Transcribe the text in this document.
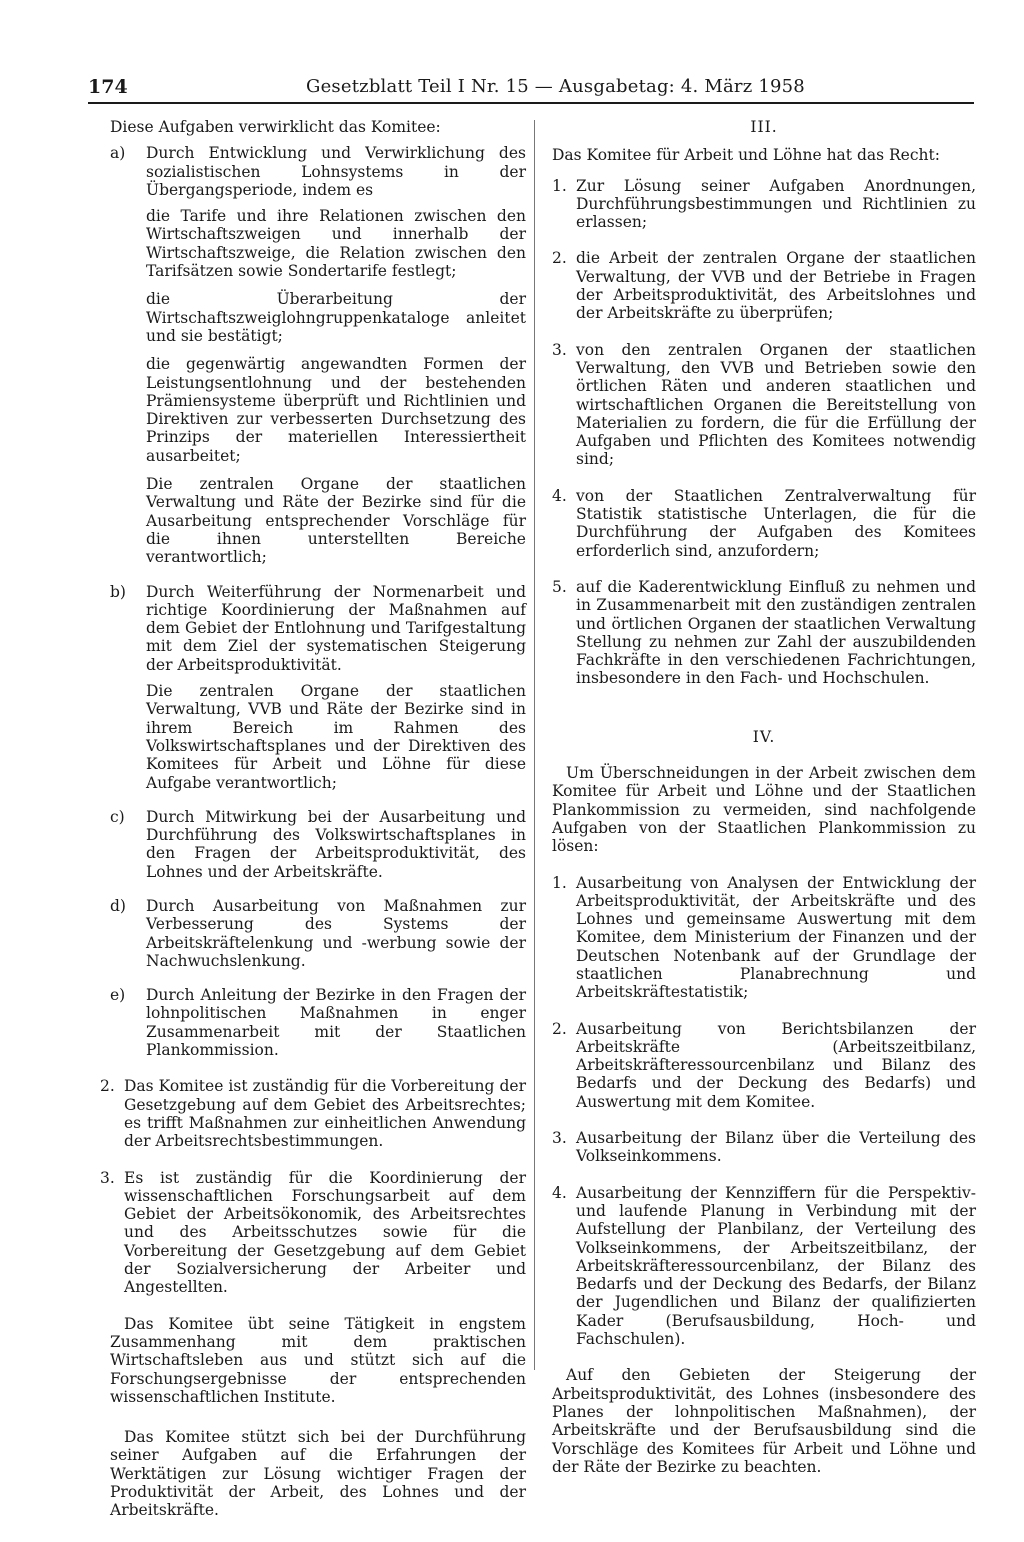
174	Gesetzblatt Teil I Nr. 15 — Ausgabetag: 4. März 1958

Diese Aufgaben verwirklicht das Komitee:

a) Durch Entwicklung und Verwirklichung des sozialistischen Lohnsystems in der Übergangsperiode, indem es

die Tarife und ihre Relationen zwischen den Wirtschaftszweigen und innerhalb der Wirtschaftszweige, die Relation zwischen den Tarifsätzen sowie Sondertarife festlegt;

die Überarbeitung der Wirtschaftszweiglohngruppenkataloge anleitet und sie bestätigt;

die gegenwärtig angewandten Formen der Leistungsentlohnung und der bestehenden Prämiensysteme überprüft und Richtlinien und Direktiven zur verbesserten Durchsetzung des Prinzips der materiellen Interessiertheit ausarbeitet;

Die zentralen Organe der staatlichen Verwaltung und Räte der Bezirke sind für die Ausarbeitung entsprechender Vorschläge für die ihnen unterstellten Bereiche verantwortlich;

b) Durch Weiterführung der Normenarbeit und richtige Koordinierung der Maßnahmen auf dem Gebiet der Entlohnung und Tarifgestaltung mit dem Ziel der systematischen Steigerung der Arbeitsproduktivität.

Die zentralen Organe der staatlichen Verwaltung, VVB und Räte der Bezirke sind in ihrem Bereich im Rahmen des Volkswirtschaftsplanes und der Direktiven des Komitees für Arbeit und Löhne für diese Aufgabe verantwortlich;

c) Durch Mitwirkung bei der Ausarbeitung und Durchführung des Volkswirtschaftsplanes in den Fragen der Arbeitsproduktivität, des Lohnes und der Arbeitskräfte.

d) Durch Ausarbeitung von Maßnahmen zur Verbesserung des Systems der Arbeitskräftelenkung und -werbung sowie der Nachwuchslenkung.

e) Durch Anleitung der Bezirke in den Fragen der lohnpolitischen Maßnahmen in enger Zusammenarbeit mit der Staatlichen Plankommission.

2. Das Komitee ist zuständig für die Vorbereitung der Gesetzgebung auf dem Gebiet des Arbeitsrechtes; es trifft Maßnahmen zur einheitlichen Anwendung der Arbeitsrechtsbestimmungen.

3. Es ist zuständig für die Koordinierung der wissenschaftlichen Forschungsarbeit auf dem Gebiet der Arbeitsökonomik, des Arbeitsrechtes und des Arbeitsschutzes sowie für die Vorbereitung der Gesetzgebung auf dem Gebiet der Sozialversicherung der Arbeiter und Angestellten.

Das Komitee übt seine Tätigkeit in engstem Zusammenhang mit dem praktischen Wirtschaftsleben aus und stützt sich auf die Forschungsergebnisse der entsprechenden wissenschaftlichen Institute.

Das Komitee stützt sich bei der Durchführung seiner Aufgaben auf die Erfahrungen der Werktätigen zur Lösung wichtiger Fragen der Produktivität der Arbeit, des Lohnes und der Arbeitskräfte.

III.

Das Komitee für Arbeit und Löhne hat das Recht:

1. Zur Lösung seiner Aufgaben Anordnungen, Durchführungsbestimmungen und Richtlinien zu erlassen;

2. die Arbeit der zentralen Organe der staatlichen Verwaltung, der VVB und der Betriebe in Fragen der Arbeitsproduktivität, des Arbeitslohnes und der Arbeitskräfte zu überprüfen;

3. von den zentralen Organen der staatlichen Verwaltung, den VVB und Betrieben sowie den örtlichen Räten und anderen staatlichen und wirtschaftlichen Organen die Bereitstellung von Materialien zu fordern, die für die Erfüllung der Aufgaben und Pflichten des Komitees notwendig sind;

4. von der Staatlichen Zentralverwaltung für Statistik statistische Unterlagen, die für die Durchführung der Aufgaben des Komitees erforderlich sind, anzufordern;

5. auf die Kaderentwicklung Einfluß zu nehmen und in Zusammenarbeit mit den zuständigen zentralen und örtlichen Organen der staatlichen Verwaltung Stellung zu nehmen zur Zahl der auszubildenden Fachkräfte in den verschiedenen Fachrichtungen, insbesondere in den Fach- und Hochschulen.

IV.

Um Überschneidungen in der Arbeit zwischen dem Komitee für Arbeit und Löhne und der Staatlichen Plankommission zu vermeiden, sind nachfolgende Aufgaben von der Staatlichen Plankommission zu lösen:

1. Ausarbeitung von Analysen der Entwicklung der Arbeitsproduktivität, der Arbeitskräfte und des Lohnes und gemeinsame Auswertung mit dem Komitee, dem Ministerium der Finanzen und der Deutschen Notenbank auf der Grundlage der staatlichen Planabrechnung und Arbeitskräftestatistik;

2. Ausarbeitung von Berichtsbilanzen der Arbeitskräfte (Arbeitszeitbilanz, Arbeitskräfteressourcenbilanz und Bilanz des Bedarfs und der Deckung des Bedarfs) und Auswertung mit dem Komitee.

3. Ausarbeitung der Bilanz über die Verteilung des Volkseinkommens.

4. Ausarbeitung der Kennziffern für die Perspektiv- und laufende Planung in Verbindung mit der Aufstellung der Planbilanz, der Verteilung des Volkseinkommens, der Arbeitszeitbilanz, der Arbeitskräfteressourcenbilanz, der Bilanz des Bedarfs und der Deckung des Bedarfs, der Bilanz der Jugendlichen und Bilanz der qualifizierten Kader (Berufsausbildung, Hoch- und Fachschulen).

Auf den Gebieten der Steigerung der Arbeitsproduktivität, des Lohnes (insbesondere des Planes der lohnpolitischen Maßnahmen), der Arbeitskräfte und der Berufsausbildung sind die Vorschläge des Komitees für Arbeit und Löhne und der Räte der Bezirke zu beachten.
